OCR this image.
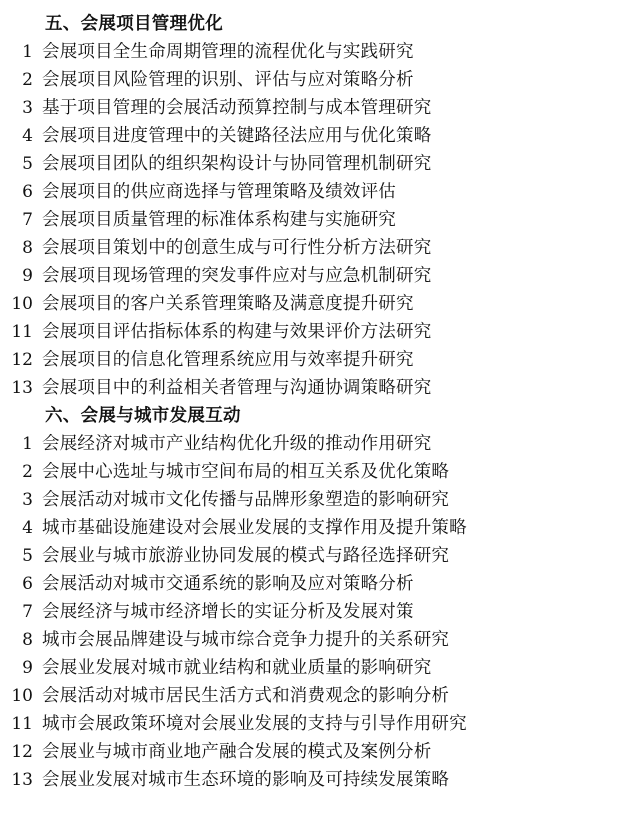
五、会展项目管理优化
1 会展项目全生命周期管理的流程优化与实践研究
2 会展项目风险管理的识别、评估与应对策略分析
3 基于项目管理的会展活动预算控制与成本管理研究
4 会展项目进度管理中的关键路径法应用与优化策略
5 会展项目团队的组织架构设计与协同管理机制研究
6 会展项目的供应商选择与管理策略及绩效评估
7 会展项目质量管理的标准体系构建与实施研究
8 会展项目策划中的创意生成与可行性分析方法研究
9 会展项目现场管理的突发事件应对与应急机制研究
10 会展项目的客户关系管理策略及满意度提升研究
11 会展项目评估指标体系的构建与效果评价方法研究
12 会展项目的信息化管理系统应用与效率提升研究
13 会展项目中的利益相关者管理与沟通协调策略研究
六、会展与城市发展互动
1 会展经济对城市产业结构优化升级的推动作用研究
2 会展中心选址与城市空间布局的相互关系及优化策略
3 会展活动对城市文化传播与品牌形象塑造的影响研究
4 城市基础设施建设对会展业发展的支撑作用及提升策略
5 会展业与城市旅游业协同发展的模式与路径选择研究
6 会展活动对城市交通系统的影响及应对策略分析
7 会展经济与城市经济增长的实证分析及发展对策
8 城市会展品牌建设与城市综合竞争力提升的关系研究
9 会展业发展对城市就业结构和就业质量的影响研究
10 会展活动对城市居民生活方式和消费观念的影响分析
11 城市会展政策环境对会展业发展的支持与引导作用研究
12 会展业与城市商业地产融合发展的模式及案例分析
13 会展业发展对城市生态环境的影响及可持续发展策略
